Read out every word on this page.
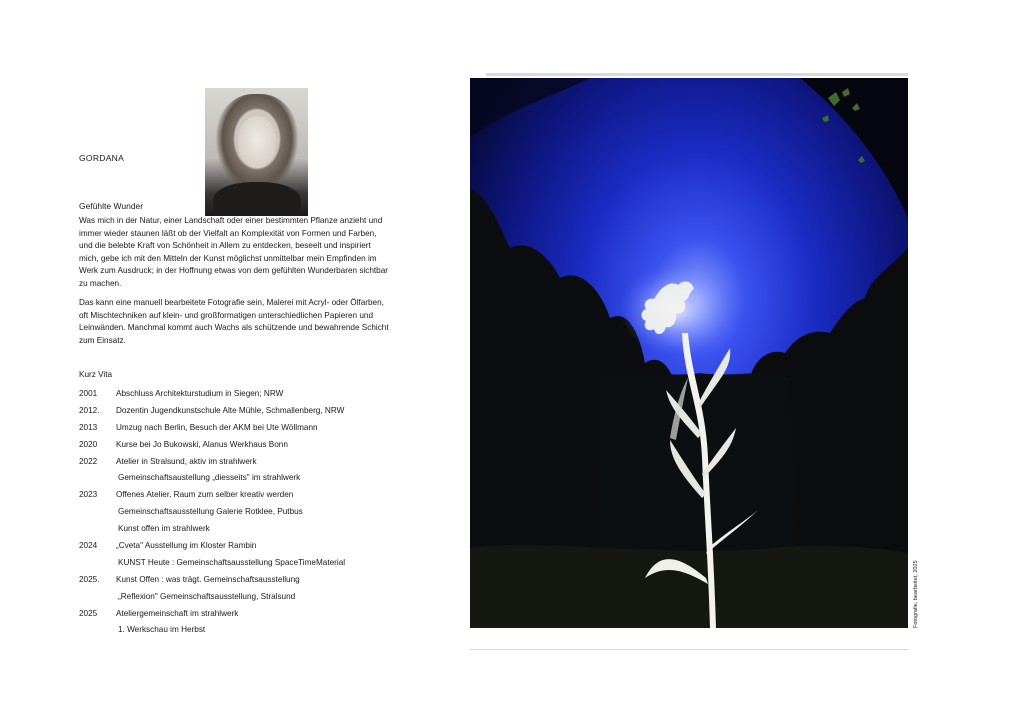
GORDANA
Gefühlte Wunder
Was mich in der Natur, einer Landschaft oder einer bestimmten Pflanze anzieht und immer wieder staunen läßt ob der Vielfalt an Komplexität von Formen und Farben, und die belebte Kraft von Schönheit in Allem zu entdecken, beseelt und inspiriert mich, gebe ich mit den Mitteln der Kunst möglichst unmittelbar mein Empfinden im Werk zum Ausdruck; in der Hoffnung etwas von dem gefühlten Wunderbaren sichtbar zu machen.
Das kann eine manuell bearbeitete Fotografie sein, Malerei mit Acryl- oder Ölfarben, oft Mischtechniken auf klein- und großformatigen unterschiedlichen Papieren und Leinwänden. Manchmal kommt auch Wachs als schützende und bewahrende Schicht zum Einsatz.
Kurz Vita
2001	Abschluss Architekturstudium in Siegen; NRW
2012.	Dozentin Jugendkunstschule Alte Mühle, Schmallenberg, NRW
2013	Umzug nach Berlin, Besuch der AKM bei Ute Wöllmann
2020	Kurse bei Jo Bukowski, Alanus Werkhaus Bonn
2022	Atelier in Stralsund, aktiv im strahlwerk
Gemeinschaftsaustellung „diesseits" im strahlwerk
2023	Offenes Atelier, Raum zum selber kreativ werden
Gemeinschaftsausstellung Galerie Rotklee, Putbus
Kunst offen im strahlwerk
2024	„Cveta" Ausstellung im Kloster Rambin
KUNST Heute : Gemeinschaftsausstellung SpaceTimeMaterial
2025.	Kunst Offen : was trägt. Gemeinschaftsausstellung
„Reflexion" Gemeinschaftsausstellung, Stralsund
2025	Ateliergemeinschaft im strahlwerk
1. Werkschau im Herbst
Fotografie, bearbeitet, 2025
